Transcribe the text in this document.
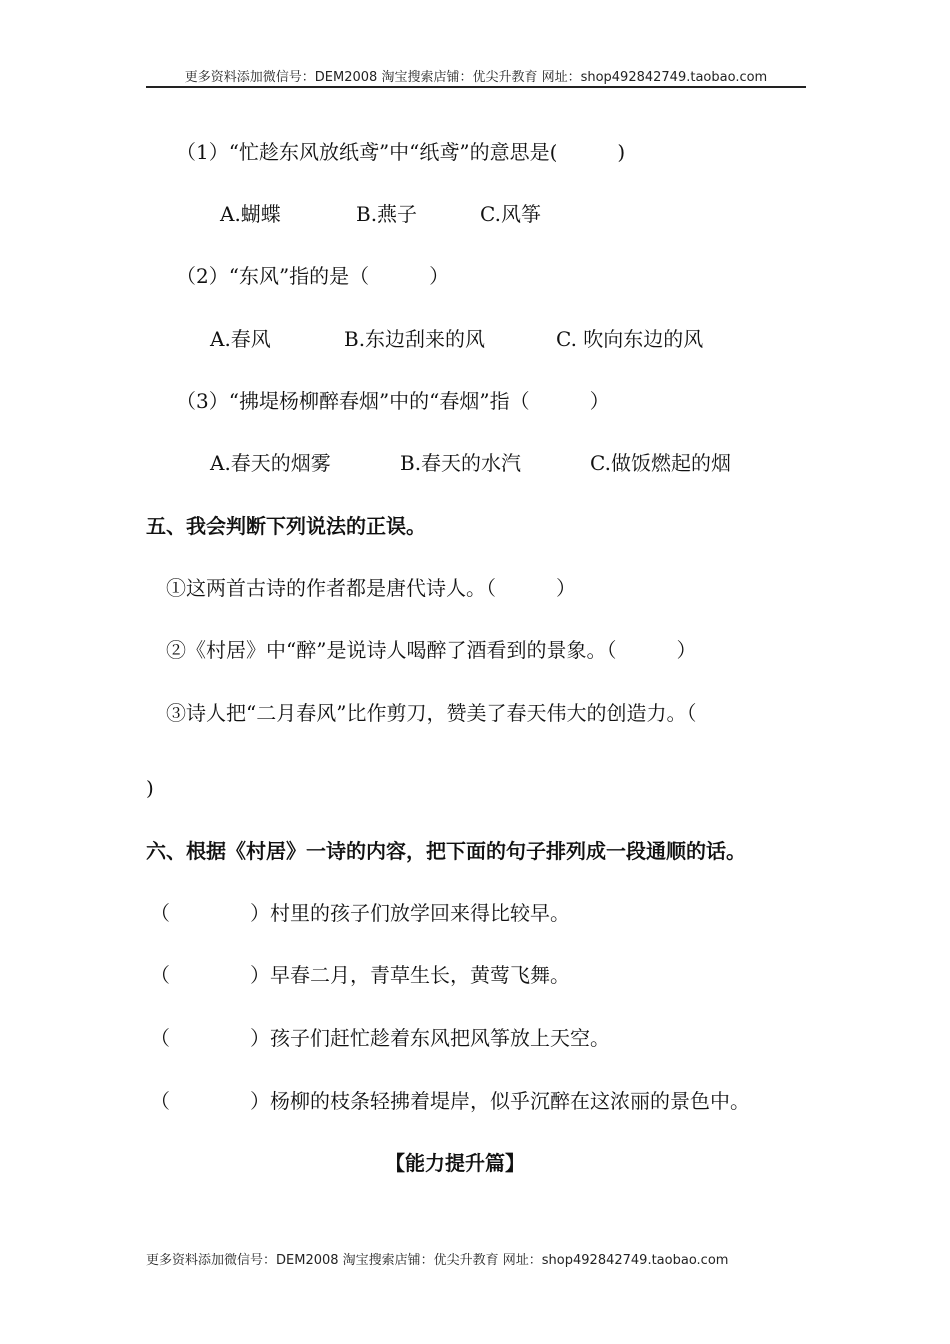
更多资料添加微信号：DEM2008 淘宝搜索店铺：优尖升教育 网址：shop492842749.taobao.com
（1）“忙趁东风放纸鸢”中“纸鸢”的意思是(　　　)
A.蝴蝶	B.燕子	C.风筝
（2）“东风”指的是（　　　）
A.春风	B.东边刮来的风	C. 吹向东边的风
（3）“拂堤杨柳醉春烟”中的“春烟”指（　　　）
A.春天的烟雾	B.春天的水汽	C.做饭燃起的烟
五、我会判断下列说法的正误。
①这两首古诗的作者都是唐代诗人。（　　　）
②《村居》中“醉”是说诗人喝醉了酒看到的景象。（　　　）
③诗人把“二月春风”比作剪刀，赞美了春天伟大的创造力。（
)
六、根据《村居》一诗的内容，把下面的句子排列成一段通顺的话。
（　　　　）村里的孩子们放学回来得比较早。
（　　　　）早春二月，青草生长，黄莺飞舞。
（　　　　）孩子们赶忙趁着东风把风筝放上天空。
（　　　　）杨柳的枝条轻拂着堤岸，似乎沉醉在这浓丽的景色中。
【能力提升篇】
更多资料添加微信号：DEM2008 淘宝搜索店铺：优尖升教育 网址：shop492842749.taobao.com
